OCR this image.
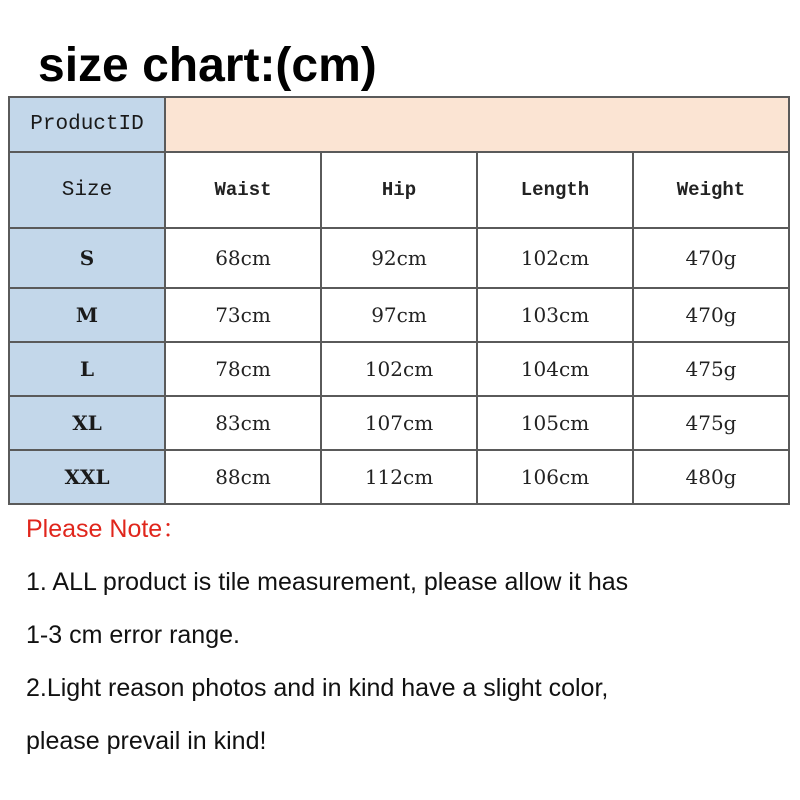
size chart:(cm)
ProductID				
Size	Waist	Hip	Length	Weight
S	68cm	92cm	102cm	470g
M	73cm	97cm	103cm	470g
L	78cm	102cm	104cm	475g
XL	83cm	107cm	105cm	475g
XXL	88cm	112cm	106cm	480g

Please Note：

1. ALL product is tile measurement, please allow it has

1-3 cm error range.

2.Light reason photos and in kind have a slight color,

please prevail in kind!
